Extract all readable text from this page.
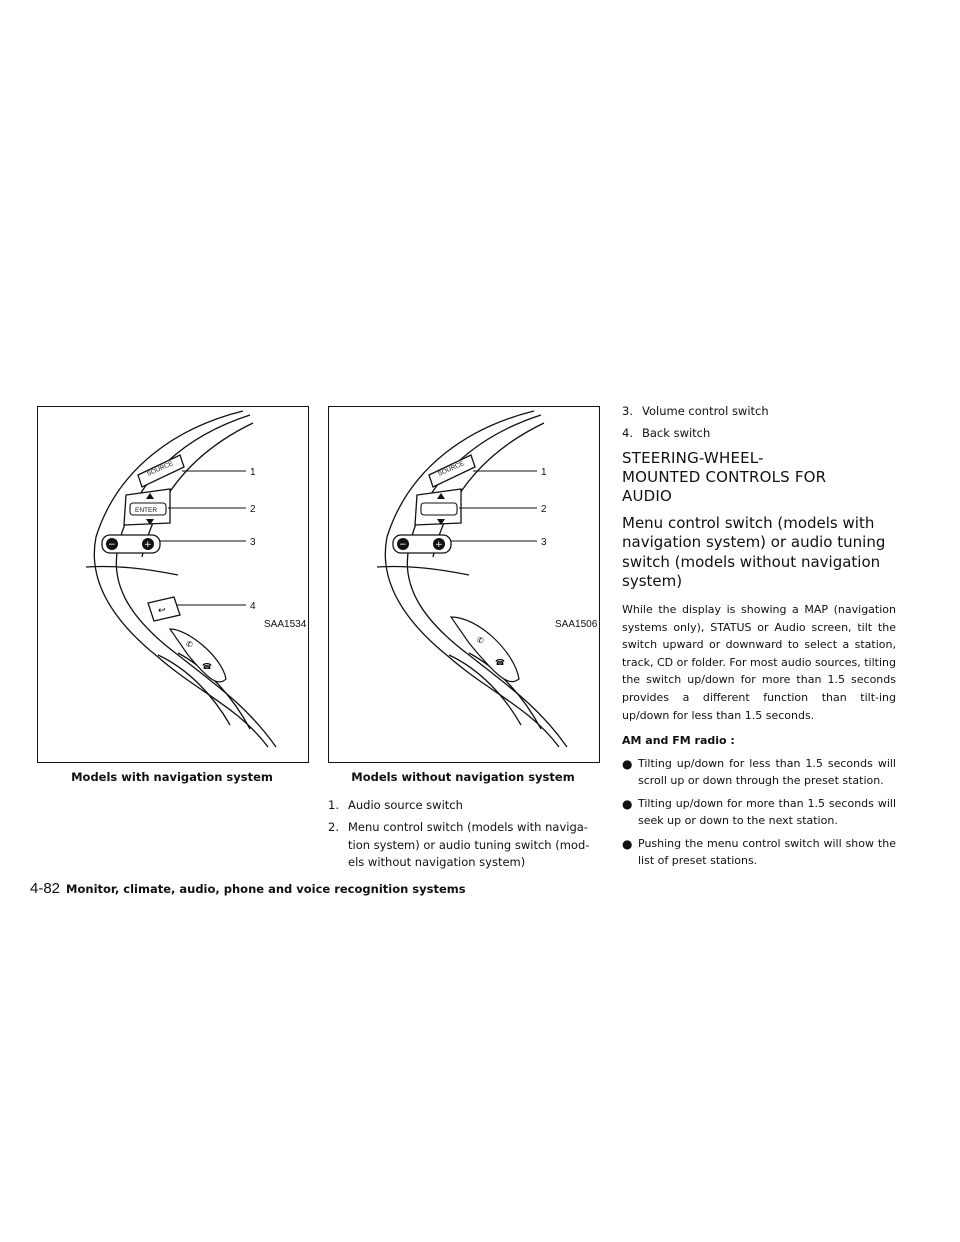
SOURCE
ENTER
−	+
↩
✆
☎
1
2
3
4
SAA1534
Models with navigation system
SOURCE
−	+
✆
☎
1
2
3
SAA1506
Models without navigation system
1. Audio source switch
2. Menu control switch (models with naviga-tion system) or audio tuning switch (mod-els without navigation system)
3. Volume control switch
4. Back switch
STEERING-WHEEL-MOUNTED CONTROLS FOR AUDIO
Menu control switch (models with navigation system) or audio tuning switch (models without navigation system)

While the display is showing a MAP (navigation systems only), STATUS or Audio screen, tilt the switch upward or downward to select a station, track, CD or folder. For most audio sources, tilting the switch up/down for more than 1.5 seconds provides a different function than tilt-ing up/down for less than 1.5 seconds.

AM and FM radio :
● Tilting up/down for less than 1.5 seconds will scroll up or down through the preset station.
● Tilting up/down for more than 1.5 seconds will seek up or down to the next station.
● Pushing the menu control switch will show the list of preset stations.
4-82 Monitor, climate, audio, phone and voice recognition systems
